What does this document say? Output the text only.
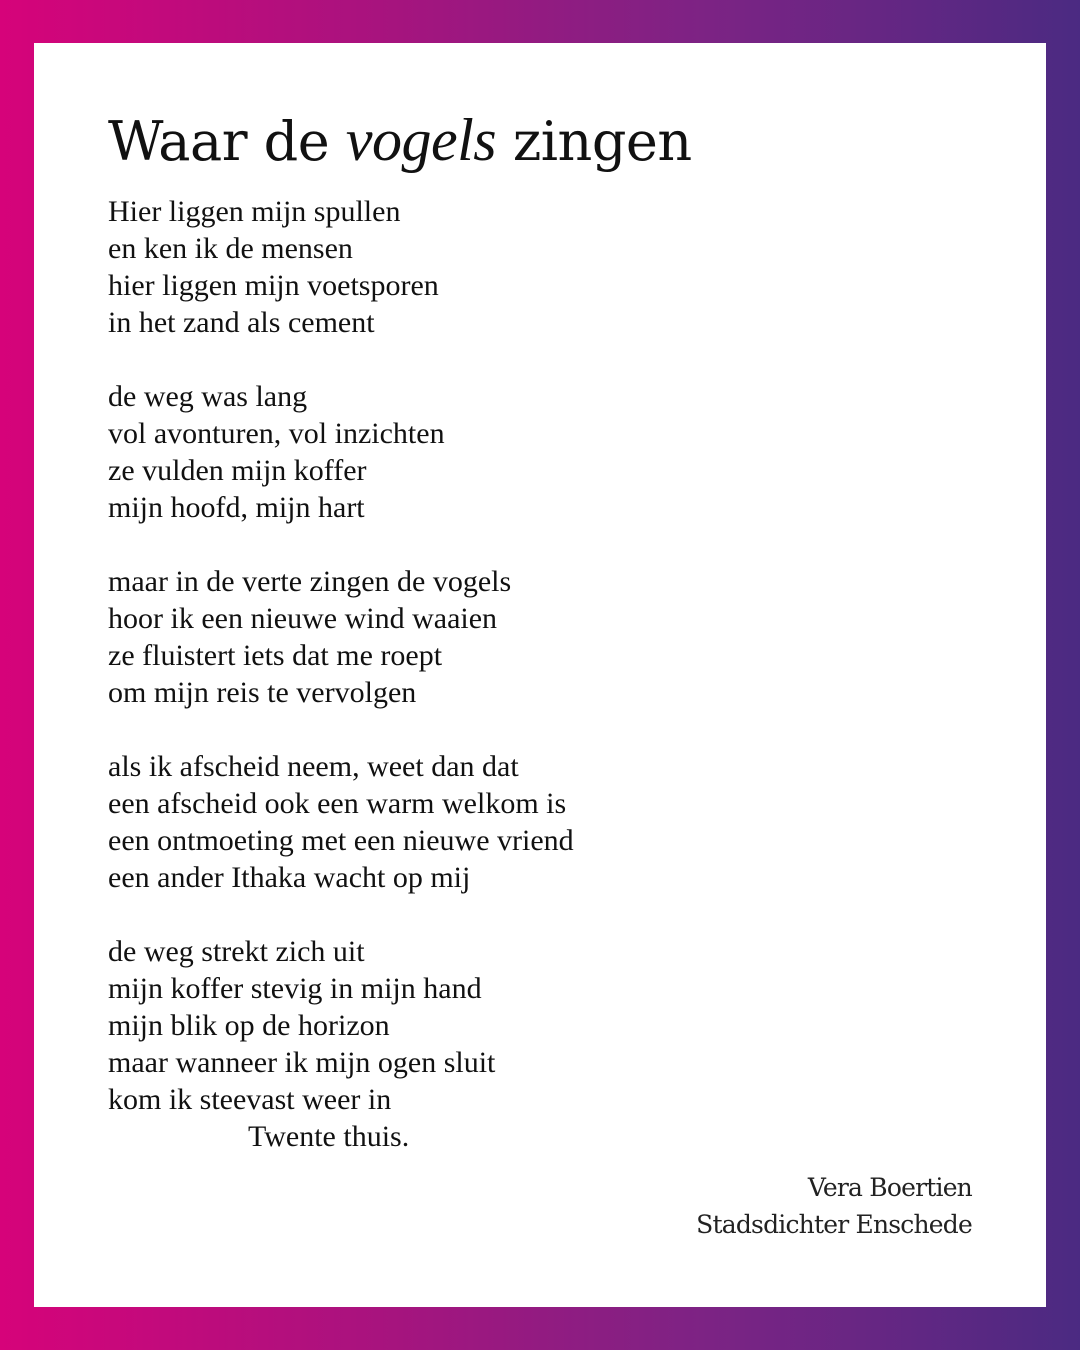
Waar de vogels zingen
Hier liggen mijn spullen
en ken ik de mensen
hier liggen mijn voetsporen
in het zand als cement
de weg was lang
vol avonturen, vol inzichten
ze vulden mijn koffer
mijn hoofd, mijn hart
maar in de verte zingen de vogels
hoor ik een nieuwe wind waaien
ze fluistert iets dat me roept
om mijn reis te vervolgen
als ik afscheid neem, weet dan dat
een afscheid ook een warm welkom is
een ontmoeting met een nieuwe vriend
een ander Ithaka wacht op mij
de weg strekt zich uit
mijn koffer stevig in mijn hand
mijn blik op de horizon
maar wanneer ik mijn ogen sluit
kom ik steevast weer in
Twente thuis.
Vera Boertien
Stadsdichter Enschede
